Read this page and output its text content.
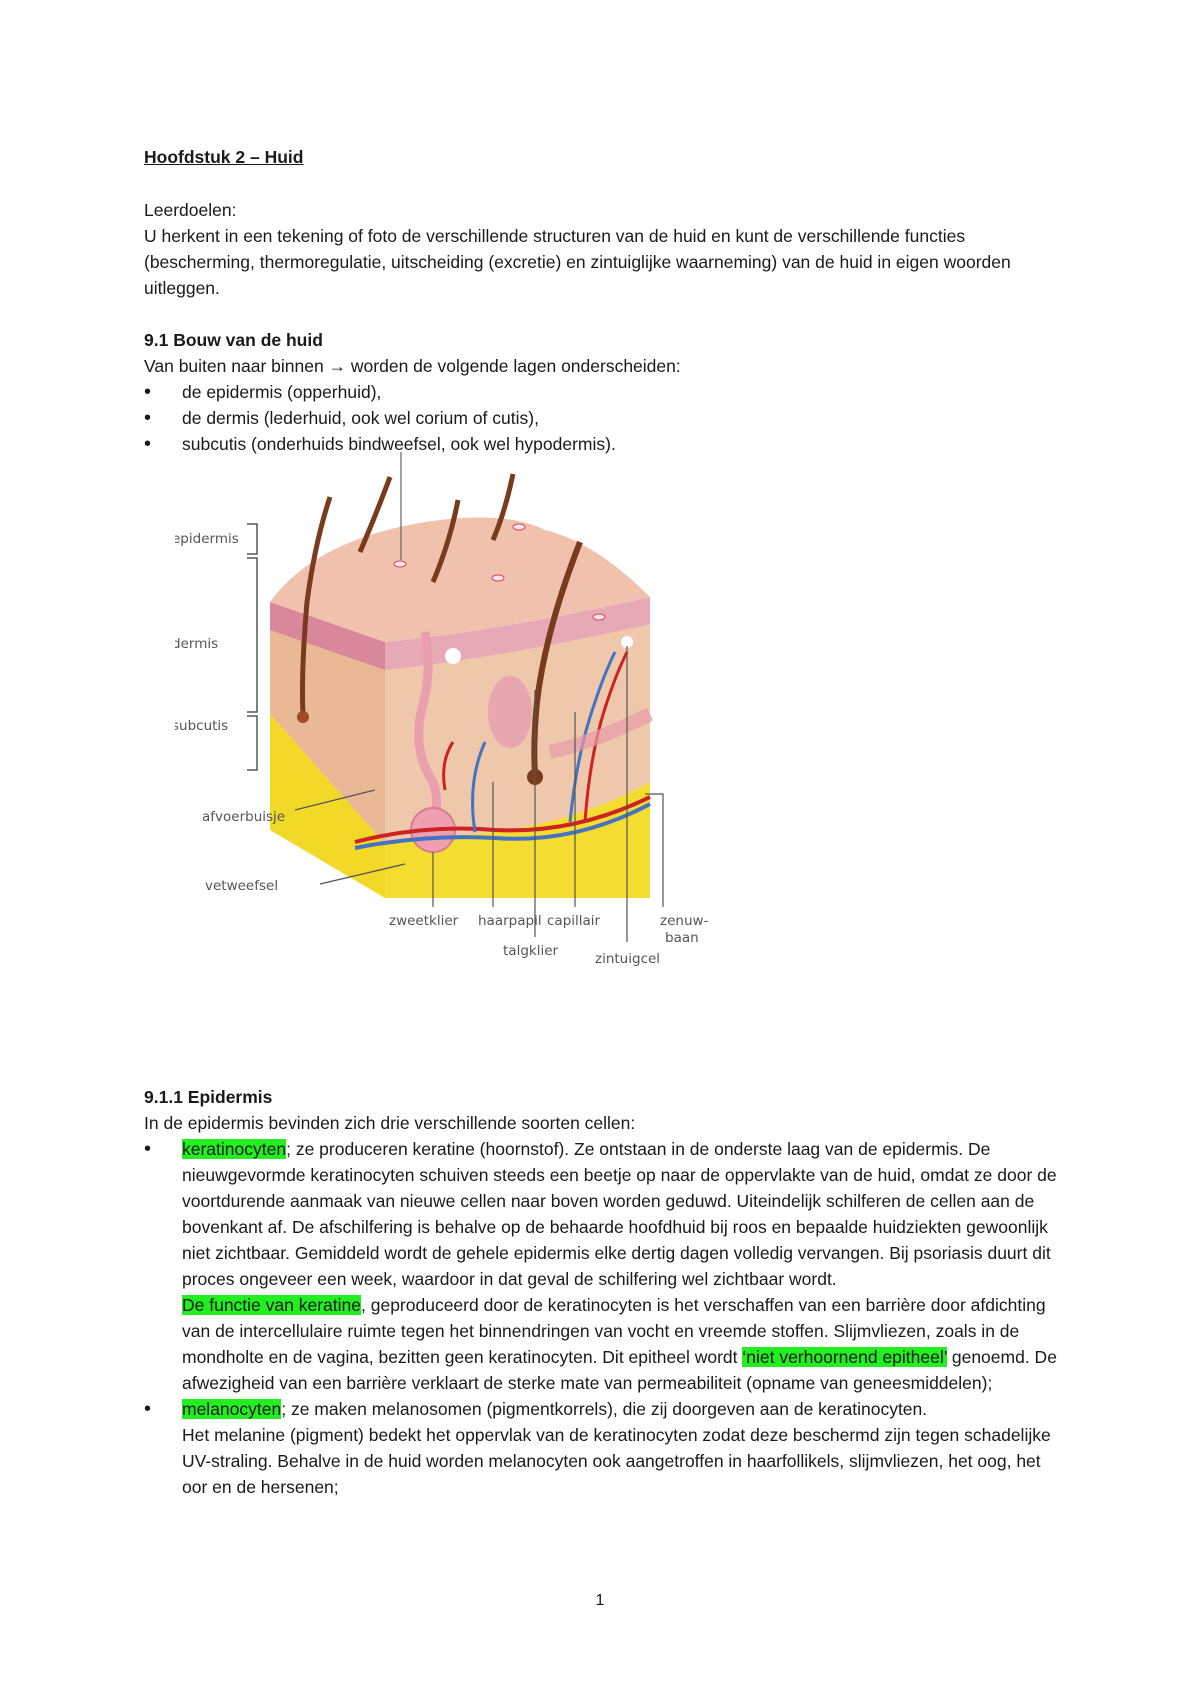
Hoofdstuk 2 – Huid
Leerdoelen:
U herkent in een tekening of foto de verschillende structuren van de huid en kunt de verschillende functies (bescherming, thermoregulatie, uitscheiding (excretie) en zintuiglijke waarneming) van de huid in eigen woorden uitleggen.
9.1 Bouw van de huid
Van buiten naar binnen → worden de volgende lagen onderscheiden:
• de epidermis (opperhuid),
• de dermis (lederhuid, ook wel corium of cutis),
• subcutis (onderhuids bindweefsel, ook wel hypodermis).
epidermis
dermis
subcutis
afvoerbuisje
vetweefsel
zweetklier haarpapil capillair	zenuw-
baan
talgklier	zintuigcel
9.1.1 Epidermis
In de epidermis bevinden zich drie verschillende soorten cellen:
• keratinocyten; ze produceren keratine (hoornstof). Ze ontstaan in de onderste laag van de epidermis. De nieuwgevormde keratinocyten schuiven steeds een beetje op naar de oppervlakte van de huid, omdat ze door de voortdurende aanmaak van nieuwe cellen naar boven worden geduwd. Uiteindelijk schilferen de cellen aan de bovenkant af. De afschilfering is behalve op de behaarde hoofdhuid bij roos en bepaalde huidziekten gewoonlijk niet zichtbaar. Gemiddeld wordt de gehele epidermis elke dertig dagen volledig vervangen. Bij psoriasis duurt dit proces ongeveer een week, waardoor in dat geval de schilfering wel zichtbaar wordt.
De functie van keratine, geproduceerd door de keratinocyten is het verschaffen van een barrière door afdichting van de intercellulaire ruimte tegen het binnendringen van vocht en vreemde stoffen. Slijmvliezen, zoals in de mondholte en de vagina, bezitten geen keratinocyten. Dit epitheel wordt ‘niet verhoornend epitheel’ genoemd. De afwezigheid van een barrière verklaart de sterke mate van permeabiliteit (opname van geneesmiddelen);
• melanocyten; ze maken melanosomen (pigmentkorrels), die zij doorgeven aan de keratinocyten.
Het melanine (pigment) bedekt het oppervlak van de keratinocyten zodat deze beschermd zijn tegen schadelijke UV-straling. Behalve in de huid worden melanocyten ook aangetroffen in haarfollikels, slijmvliezen, het oog, het oor en de hersenen;
1
